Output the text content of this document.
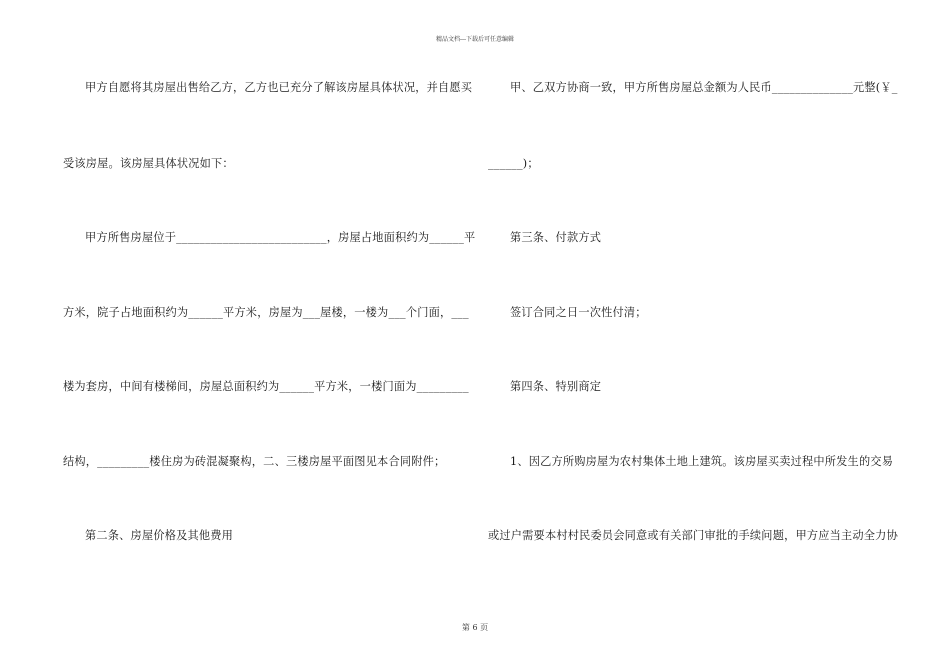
精品文档---下载后可任意编辑
甲方自愿将其房屋出售给乙方，乙方也已充分了解该房屋具体状况，并自愿买
受该房屋。该房屋具体状况如下：
甲方所售房屋位于__________________________，房屋占地面积约为______平
方米，院子占地面积约为______平方米，房屋为___屋楼，一楼为___个门面，___
楼为套房，中间有楼梯间，房屋总面积约为______平方米，一楼门面为_________
结构，_________楼住房为砖混凝聚构，二、三楼房屋平面图见本合同附件；
第二条、房屋价格及其他费用
甲、乙双方协商一致，甲方所售房屋总金额为人民币______________元整(￥_
______)；
第三条、付款方式
签订合同之日一次性付清；
第四条、特别商定
1、因乙方所购房屋为农村集体土地上建筑。该房屋买卖过程中所发生的交易
或过户需要本村村民委员会同意或有关部门审批的手续问题，甲方应当主动全力协
第 6 页
